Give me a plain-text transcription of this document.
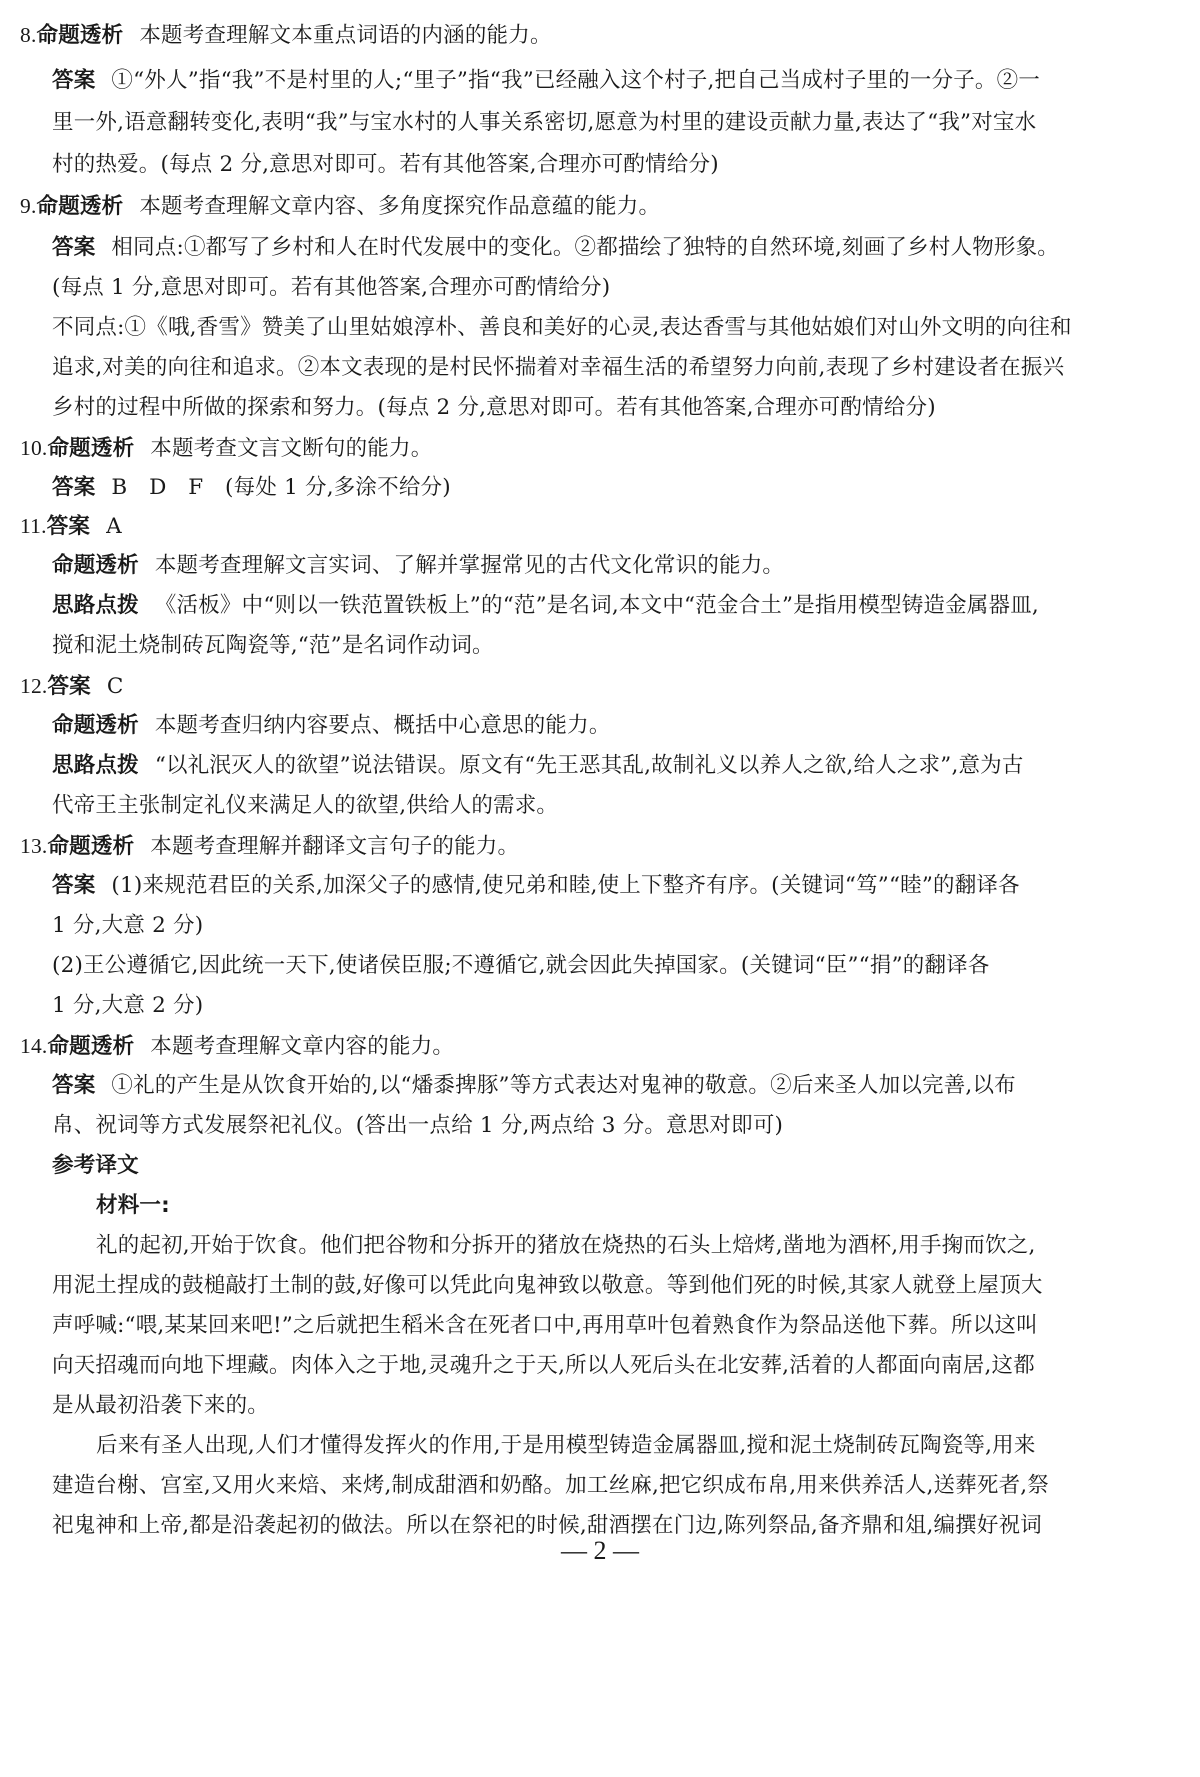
8.命题透析 本题考查理解文本重点词语的内涵的能力。
答案 ①“外人”指“我”不是村里的人;“里子”指“我”已经融入这个村子,把自己当成村子里的一分子。②一
里一外,语意翻转变化,表明“我”与宝水村的人事关系密切,愿意为村里的建设贡献力量,表达了“我”对宝水
村的热爱。(每点 2 分,意思对即可。若有其他答案,合理亦可酌情给分)
9.命题透析 本题考查理解文章内容、多角度探究作品意蕴的能力。
答案 相同点:①都写了乡村和人在时代发展中的变化。②都描绘了独特的自然环境,刻画了乡村人物形象。
(每点 1 分,意思对即可。若有其他答案,合理亦可酌情给分)
不同点:①《哦,香雪》赞美了山里姑娘淳朴、善良和美好的心灵,表达香雪与其他姑娘们对山外文明的向往和
追求,对美的向往和追求。②本文表现的是村民怀揣着对幸福生活的希望努力向前,表现了乡村建设者在振兴
乡村的过程中所做的探索和努力。(每点 2 分,意思对即可。若有其他答案,合理亦可酌情给分)
10.命题透析 本题考查文言文断句的能力。
答案 B　D　F　(每处 1 分,多涂不给分)
11.答案 A
命题透析 本题考查理解文言实词、了解并掌握常见的古代文化常识的能力。
思路点拨 《活板》中“则以一铁范置铁板上”的“范”是名词,本文中“范金合土”是指用模型铸造金属器皿,
搅和泥土烧制砖瓦陶瓷等,“范”是名词作动词。
12.答案 C
命题透析 本题考查归纳内容要点、概括中心意思的能力。
思路点拨 “以礼泯灭人的欲望”说法错误。原文有“先王恶其乱,故制礼义以养人之欲,给人之求”,意为古
代帝王主张制定礼仪来满足人的欲望,供给人的需求。
13.命题透析 本题考查理解并翻译文言句子的能力。
答案 (1)来规范君臣的关系,加深父子的感情,使兄弟和睦,使上下整齐有序。(关键词“笃”“睦”的翻译各
1 分,大意 2 分)
(2)王公遵循它,因此统一天下,使诸侯臣服;不遵循它,就会因此失掉国家。(关键词“臣”“捐”的翻译各
1 分,大意 2 分)
14.命题透析 本题考查理解文章内容的能力。
答案 ①礼的产生是从饮食开始的,以“燔黍捭豚”等方式表达对鬼神的敬意。②后来圣人加以完善,以布
帛、祝词等方式发展祭祀礼仪。(答出一点给 1 分,两点给 3 分。意思对即可)
参考译文
材料一:
礼的起初,开始于饮食。他们把谷物和分拆开的猪放在烧热的石头上焙烤,凿地为酒杯,用手掬而饮之,
用泥土捏成的鼓槌敲打土制的鼓,好像可以凭此向鬼神致以敬意。等到他们死的时候,其家人就登上屋顶大
声呼喊:“喂,某某回来吧!”之后就把生稻米含在死者口中,再用草叶包着熟食作为祭品送他下葬。所以这叫
向天招魂而向地下埋藏。肉体入之于地,灵魂升之于天,所以人死后头在北安葬,活着的人都面向南居,这都
是从最初沿袭下来的。
后来有圣人出现,人们才懂得发挥火的作用,于是用模型铸造金属器皿,搅和泥土烧制砖瓦陶瓷等,用来
建造台榭、宫室,又用火来焙、来烤,制成甜酒和奶酪。加工丝麻,把它织成布帛,用来供养活人,送葬死者,祭
祀鬼神和上帝,都是沿袭起初的做法。所以在祭祀的时候,甜酒摆在门边,陈列祭品,备齐鼎和俎,编撰好祝词
— 2 —
